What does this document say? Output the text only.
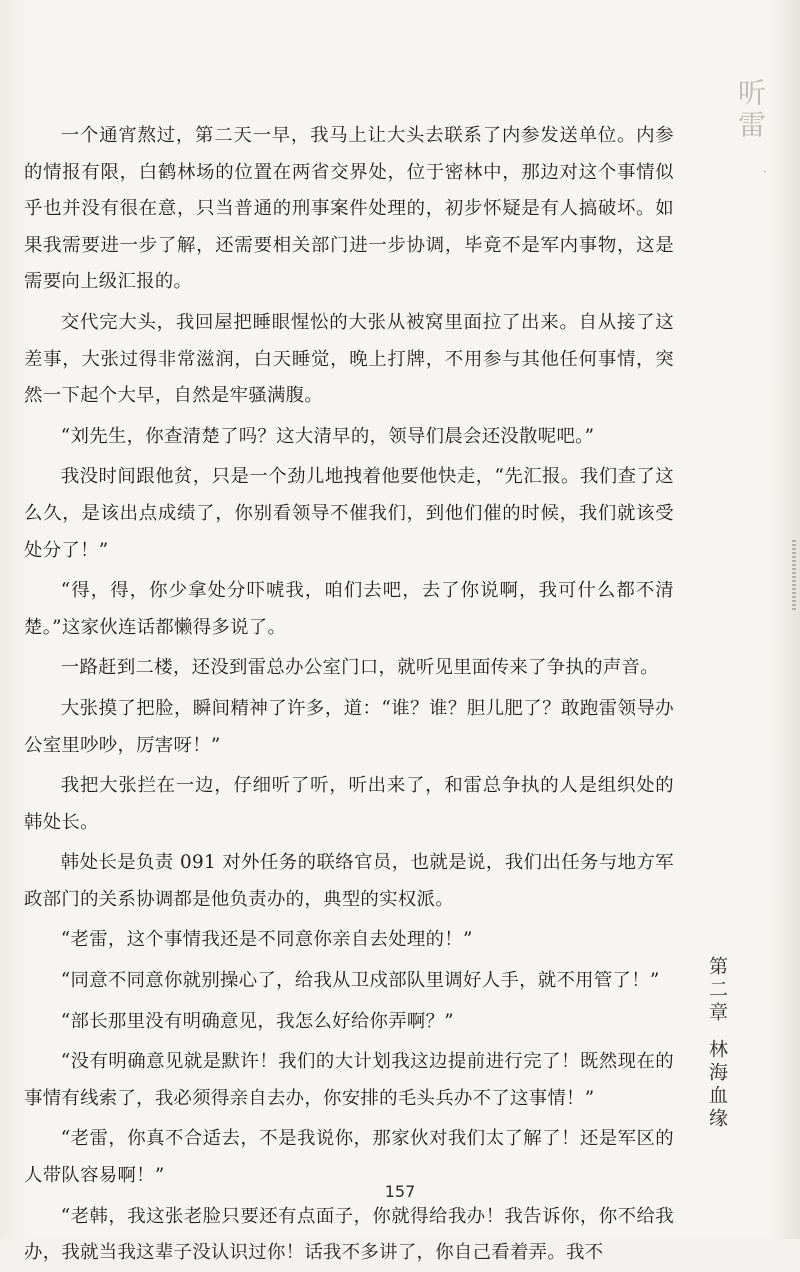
听雷
·

一个通宵熬过，第二天一早，我马上让大头去联系了内参发送单位。内参的情报有限，白鹤林场的位置在两省交界处，位于密林中，那边对这个事情似乎也并没有很在意，只当普通的刑事案件处理的，初步怀疑是有人搞破坏。如果我需要进一步了解，还需要相关部门进一步协调，毕竟不是军内事物，这是需要向上级汇报的。

交代完大头，我回屋把睡眼惺忪的大张从被窝里面拉了出来。自从接了这差事，大张过得非常滋润，白天睡觉，晚上打牌，不用参与其他任何事情，突然一下起个大早，自然是牢骚满腹。

“刘先生，你查清楚了吗？这大清早的，领导们晨会还没散呢吧。”

我没时间跟他贫，只是一个劲儿地拽着他要他快走，“先汇报。我们查了这么久，是该出点成绩了，你别看领导不催我们，到他们催的时候，我们就该受处分了！”

“得，得，你少拿处分吓唬我，咱们去吧，去了你说啊，我可什么都不清楚。”这家伙连话都懒得多说了。

一路赶到二楼，还没到雷总办公室门口，就听见里面传来了争执的声音。

大张摸了把脸，瞬间精神了许多，道：“谁？谁？胆儿肥了？敢跑雷领导办公室里吵吵，厉害呀！”

我把大张拦在一边，仔细听了听，听出来了，和雷总争执的人是组织处的韩处长。

韩处长是负责 091 对外任务的联络官员，也就是说，我们出任务与地方军政部门的关系协调都是他负责办的，典型的实权派。

“老雷，这个事情我还是不同意你亲自去处理的！”

“同意不同意你就别操心了，给我从卫戍部队里调好人手，就不用管了！”

“部长那里没有明确意见，我怎么好给你弄啊？”

“没有明确意见就是默许！我们的大计划我这边提前进行完了！既然现在的事情有线索了，我必须得亲自去办，你安排的毛头兵办不了这事情！”

“老雷，你真不合适去，不是我说你，那家伙对我们太了解了！还是军区的人带队容易啊！”

“老韩，我这张老脸只要还有点面子，你就得给我办！我告诉你，你不给我办，我就当我这辈子没认识过你！话我不多讲了，你自己看着弄。我不

第二章林海血缘
157
